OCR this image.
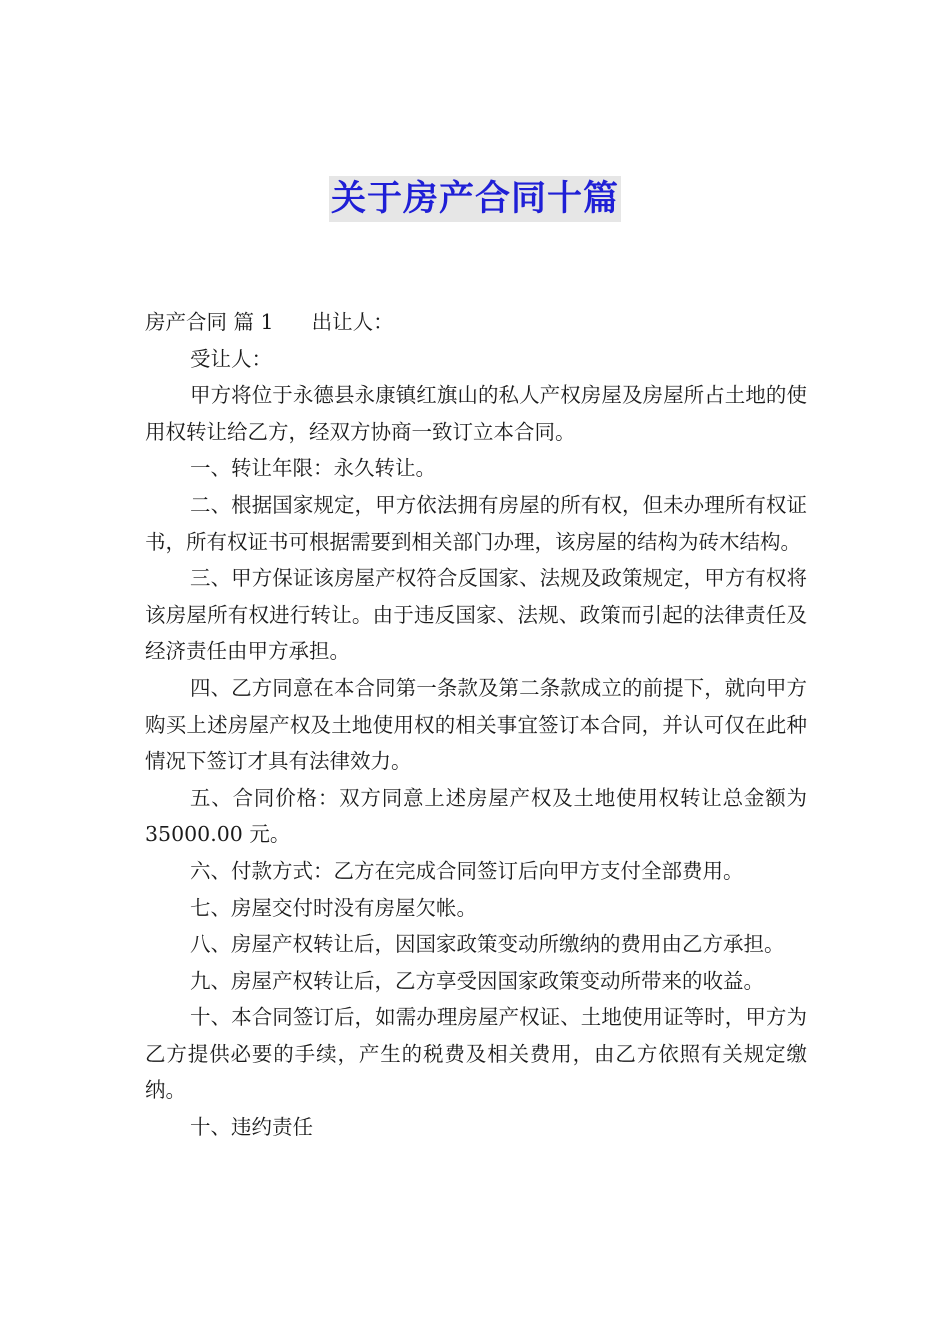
关于房产合同十篇

房产合同 篇 1 出让人：

受让人：

甲方将位于永德县永康镇红旗山的私人产权房屋及房屋所占土地的使用权转让给乙方，经双方协商一致订立本合同。

一、转让年限：永久转让。

二、根据国家规定，甲方依法拥有房屋的所有权，但未办理所有权证书，所有权证书可根据需要到相关部门办理，该房屋的结构为砖木结构。

三、甲方保证该房屋产权符合反国家、法规及政策规定，甲方有权将该房屋所有权进行转让。由于违反国家、法规、政策而引起的法律责任及经济责任由甲方承担。

四、乙方同意在本合同第一条款及第二条款成立的前提下，就向甲方购买上述房屋产权及土地使用权的相关事宜签订本合同，并认可仅在此种情况下签订才具有法律效力。

五、合同价格：双方同意上述房屋产权及土地使用权转让总金额为 35000.00 元。

六、付款方式：乙方在完成合同签订后向甲方支付全部费用。

七、房屋交付时没有房屋欠帐。

八、房屋产权转让后，因国家政策变动所缴纳的费用由乙方承担。

九、房屋产权转让后，乙方享受因国家政策变动所带来的收益。

十、本合同签订后，如需办理房屋产权证、土地使用证等时，甲方为乙方提供必要的手续，产生的税费及相关费用，由乙方依照有关规定缴纳。

十、违约责任
